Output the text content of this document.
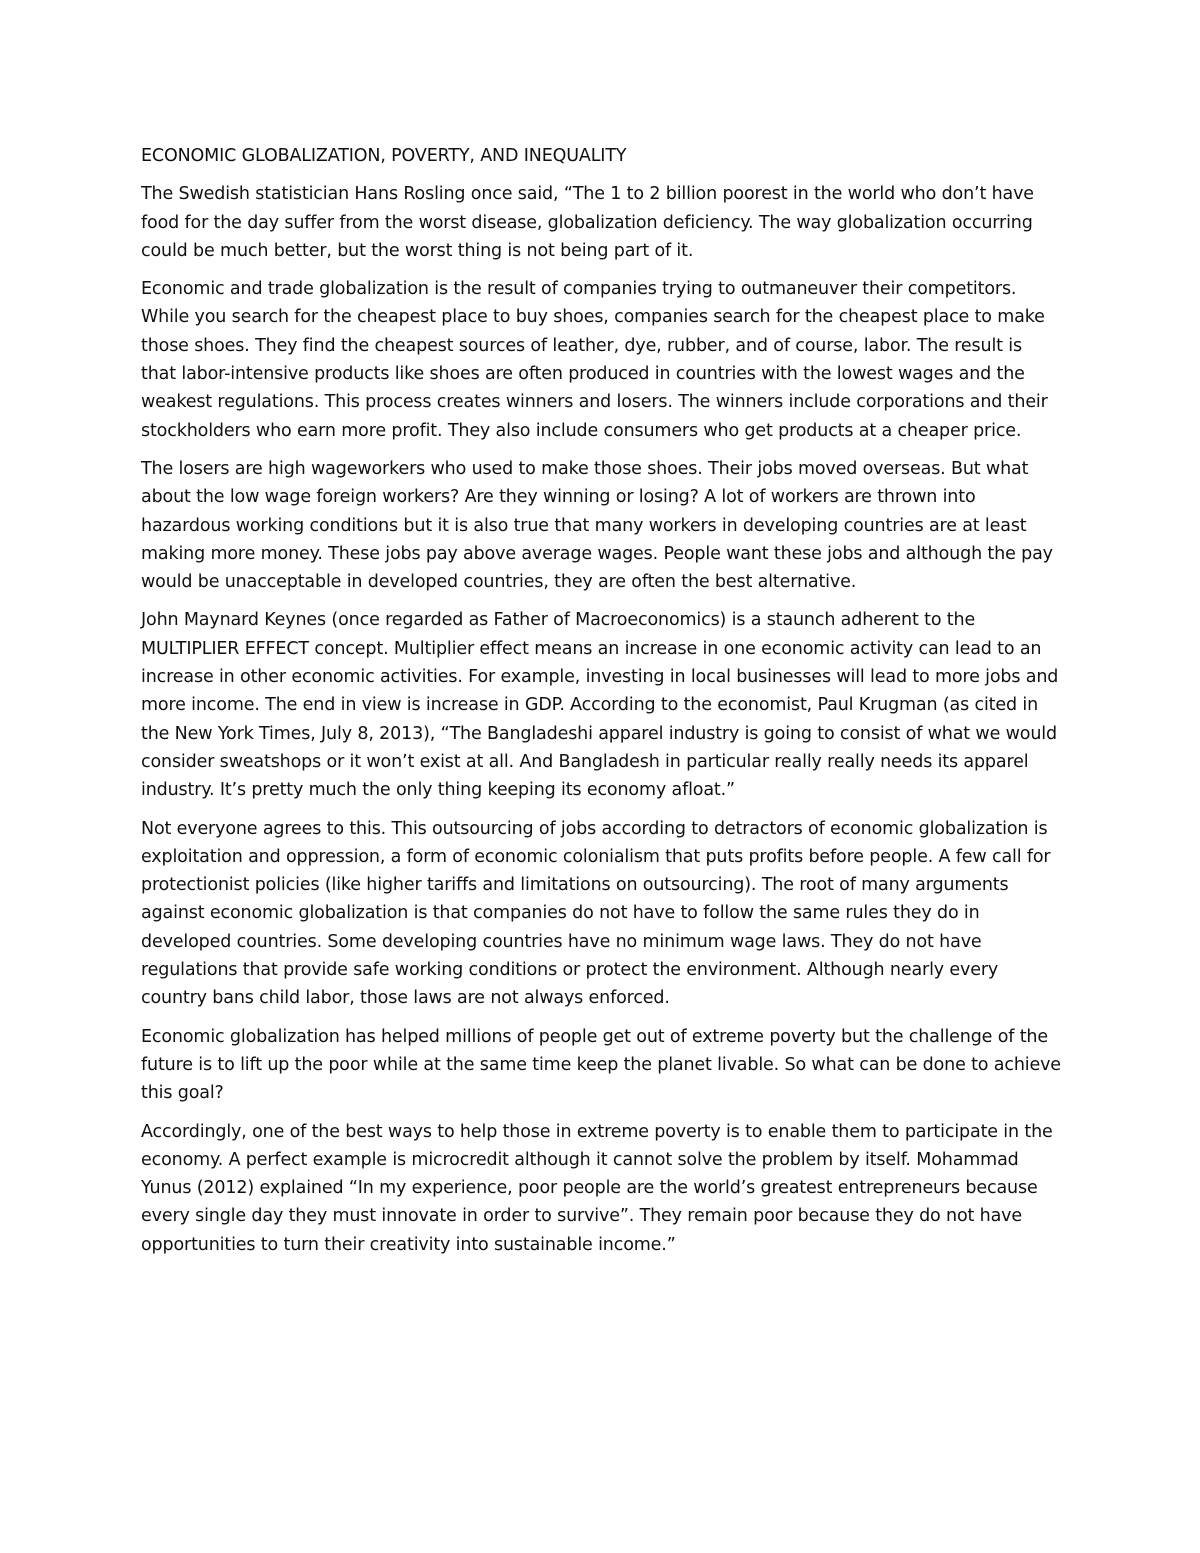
ECONOMIC GLOBALIZATION, POVERTY, AND INEQUALITY

The Swedish statistician Hans Rosling once said, “The 1 to 2 billion poorest in the world who don’t have food for the day suffer from the worst disease, globalization deficiency. The way globalization occurring could be much better, but the worst thing is not being part of it.

Economic and trade globalization is the result of companies trying to outmaneuver their competitors. While you search for the cheapest place to buy shoes, companies search for the cheapest place to make those shoes. They find the cheapest sources of leather, dye, rubber, and of course, labor. The result is that labor-intensive products like shoes are often produced in countries with the lowest wages and the weakest regulations. This process creates winners and losers. The winners include corporations and their stockholders who earn more profit. They also include consumers who get products at a cheaper price.

The losers are high wageworkers who used to make those shoes. Their jobs moved overseas. But what about the low wage foreign workers? Are they winning or losing? A lot of workers are thrown into hazardous working conditions but it is also true that many workers in developing countries are at least making more money. These jobs pay above average wages. People want these jobs and although the pay would be unacceptable in developed countries, they are often the best alternative.

John Maynard Keynes (once regarded as Father of Macroeconomics) is a staunch adherent to the MULTIPLIER EFFECT concept. Multiplier effect means an increase in one economic activity can lead to an increase in other economic activities. For example, investing in local businesses will lead to more jobs and more income. The end in view is increase in GDP. According to the economist, Paul Krugman (as cited in the New York Times, July 8, 2013), “The Bangladeshi apparel industry is going to consist of what we would consider sweatshops or it won’t exist at all. And Bangladesh in particular really really needs its apparel industry. It’s pretty much the only thing keeping its economy afloat.”

Not everyone agrees to this. This outsourcing of jobs according to detractors of economic globalization is exploitation and oppression, a form of economic colonialism that puts profits before people. A few call for protectionist policies (like higher tariffs and limitations on outsourcing). The root of many arguments against economic globalization is that companies do not have to follow the same rules they do in developed countries. Some developing countries have no minimum wage laws. They do not have regulations that provide safe working conditions or protect the environment. Although nearly every country bans child labor, those laws are not always enforced.

Economic globalization has helped millions of people get out of extreme poverty but the challenge of the future is to lift up the poor while at the same time keep the planet livable. So what can be done to achieve this goal?

Accordingly, one of the best ways to help those in extreme poverty is to enable them to participate in the economy. A perfect example is microcredit although it cannot solve the problem by itself. Mohammad Yunus (2012) explained “In my experience, poor people are the world’s greatest entrepreneurs because every single day they must innovate in order to survive”. They remain poor because they do not have opportunities to turn their creativity into sustainable income.”
